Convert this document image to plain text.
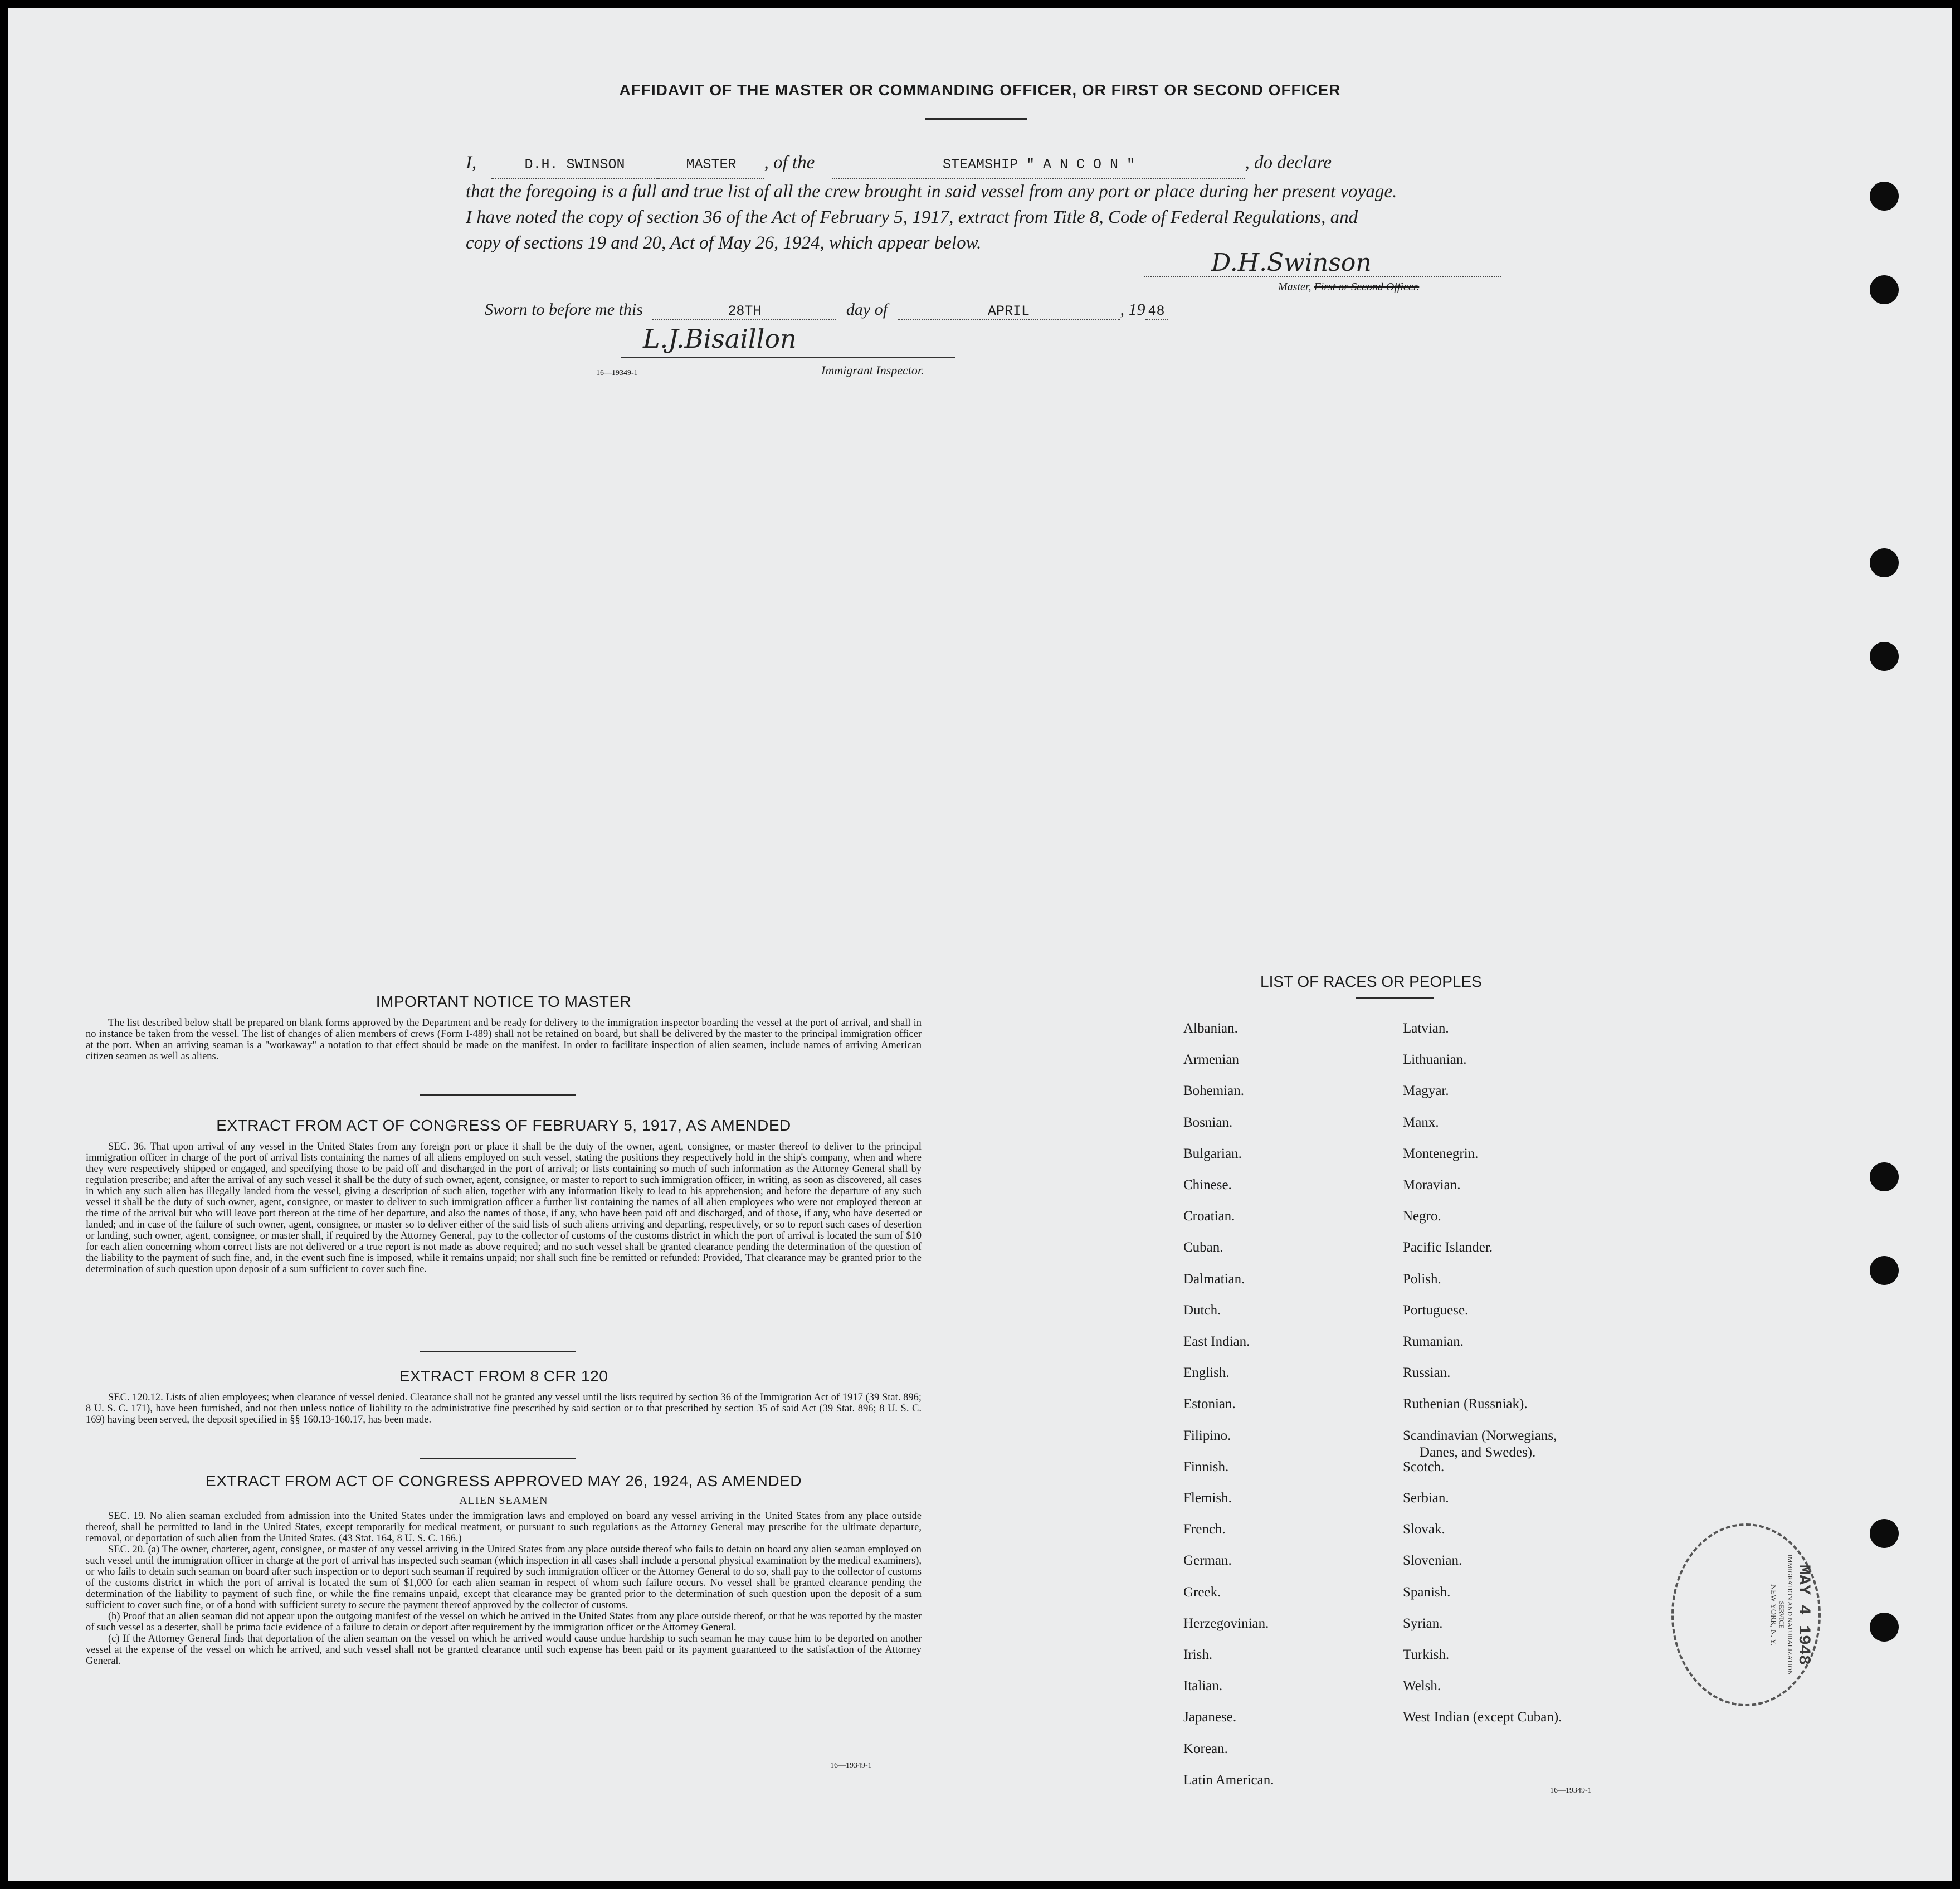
AFFIDAVIT OF THE MASTER OR COMMANDING OFFICER, OR FIRST OR SECOND OFFICER
I,	D.H. SWINSON	MASTER , of the	STEAMSHIP " A N C O N "	, do declare
that the foregoing is a full and true list of all the crew brought in said vessel from any port or place during her present voyage.
I have noted the copy of section 36 of the Act of February 5, 1917, extract from Title 8, Code of Federal Regulations, and
copy of sections 19 and 20, Act of May 26, 1924, which appear below.
D.H.Swinson
Master, First or Second Officer.
Sworn to before me this	28TH	day of	APRIL	, 19 48
L.J.Bisaillon
16—19349-1	Immigrant Inspector.
IMPORTANT NOTICE TO MASTER

The list described below shall be prepared on blank forms approved by the Department and be ready for delivery to the immigration inspector boarding the vessel at the port of arrival, and shall in no instance be taken from the vessel. The list of changes of alien members of crews (Form I-489) shall not be retained on board, but shall be delivered by the master to the principal immigration officer at the port. When an arriving seaman is a "workaway" a notation to that effect should be made on the manifest. In order to facilitate inspection of alien seamen, include names of arriving American citizen seamen as well as aliens.

EXTRACT FROM ACT OF CONGRESS OF FEBRUARY 5, 1917, AS AMENDED

SEC. 36. That upon arrival of any vessel in the United States from any foreign port or place it shall be the duty of the owner, agent, consignee, or master thereof to deliver to the principal immigration officer in charge of the port of arrival lists containing the names of all aliens employed on such vessel, stating the positions they respectively hold in the ship's company, when and where they were respectively shipped or engaged, and specifying those to be paid off and discharged in the port of arrival; or lists containing so much of such information as the Attorney General shall by regulation prescribe; and after the arrival of any such vessel it shall be the duty of such owner, agent, consignee, or master to report to such immigration officer, in writing, as soon as discovered, all cases in which any such alien has illegally landed from the vessel, giving a description of such alien, together with any information likely to lead to his apprehension; and before the departure of any such vessel it shall be the duty of such owner, agent, consignee, or master to deliver to such immigration officer a further list containing the names of all alien employees who were not employed thereon at the time of the arrival but who will leave port thereon at the time of her departure, and also the names of those, if any, who have been paid off and discharged, and of those, if any, who have deserted or landed; and in case of the failure of such owner, agent, consignee, or master so to deliver either of the said lists of such aliens arriving and departing, respectively, or so to report such cases of desertion or landing, such owner, agent, consignee, or master shall, if required by the Attorney General, pay to the collector of customs of the customs district in which the port of arrival is located the sum of $10 for each alien concerning whom correct lists are not delivered or a true report is not made as above required; and no such vessel shall be granted clearance pending the determination of the question of the liability to the payment of such fine, and, in the event such fine is imposed, while it remains unpaid; nor shall such fine be remitted or refunded: Provided, That clearance may be granted prior to the determination of such question upon deposit of a sum sufficient to cover such fine.

EXTRACT FROM 8 CFR 120

SEC. 120.12. Lists of alien employees; when clearance of vessel denied. Clearance shall not be granted any vessel until the lists required by section 36 of the Immigration Act of 1917 (39 Stat. 896; 8 U. S. C. 171), have been furnished, and not then unless notice of liability to the administrative fine prescribed by said section or to that prescribed by section 35 of said Act (39 Stat. 896; 8 U. S. C. 169) having been served, the deposit specified in §§ 160.13-160.17, has been made.

EXTRACT FROM ACT OF CONGRESS APPROVED MAY 26, 1924, AS AMENDED
ALIEN SEAMEN

SEC. 19. No alien seaman excluded from admission into the United States under the immigration laws and employed on board any vessel arriving in the United States from any place outside thereof, shall be permitted to land in the United States, except temporarily for medical treatment, or pursuant to such regulations as the Attorney General may prescribe for the ultimate departure, removal, or deportation of such alien from the United States. (43 Stat. 164, 8 U. S. C. 166.)

SEC. 20. (a) The owner, charterer, agent, consignee, or master of any vessel arriving in the United States from any place outside thereof who fails to detain on board any alien seaman employed on such vessel until the immigration officer in charge at the port of arrival has inspected such seaman (which inspection in all cases shall include a personal physical examination by the medical examiners), or who fails to detain such seaman on board after such inspection or to deport such seaman if required by such immigration officer or the Attorney General to do so, shall pay to the collector of customs of the customs district in which the port of arrival is located the sum of $1,000 for each alien seaman in respect of whom such failure occurs. No vessel shall be granted clearance pending the determination of the liability to payment of such fine, or while the fine remains unpaid, except that clearance may be granted prior to the determination of such question upon the deposit of a sum sufficient to cover such fine, or of a bond with sufficient surety to secure the payment thereof approved by the collector of customs.

(b) Proof that an alien seaman did not appear upon the outgoing manifest of the vessel on which he arrived in the United States from any place outside thereof, or that he was reported by the master of such vessel as a deserter, shall be prima facie evidence of a failure to detain or deport after requirement by the immigration officer or the Attorney General.

(c) If the Attorney General finds that deportation of the alien seaman on the vessel on which he arrived would cause undue hardship to such seaman he may cause him to be deported on another vessel at the expense of the vessel on which he arrived, and such vessel shall not be granted clearance until such expense has been paid or its payment guaranteed to the satisfaction of the Attorney General.

16—19349-1
LIST OF RACES OR PEOPLES
Albanian.
Armenian
Bohemian.
Bosnian.
Bulgarian.
Chinese.
Croatian.
Cuban.
Dalmatian.
Dutch.
East Indian.
English.
Estonian.
Filipino.
Finnish.
Flemish.
French.
German.
Greek.
Herzegovinian.
Irish.
Italian.
Japanese.
Korean.
Latin American.
Latvian.
Lithuanian.
Magyar.
Manx.
Montenegrin.
Moravian.
Negro.
Pacific Islander.
Polish.
Portuguese.
Rumanian.
Russian.
Ruthenian (Russniak).
Scandinavian (Norwegians,
Danes, and Swedes).
Scotch.
Serbian.
Slovak.
Slovenian.
Spanish.
Syrian.
Turkish.
Welsh.
West Indian (except Cuban).
16—19349-1
MAY 4 1948
IMMIGRATION AND NATURALIZATION SERVICE
NEW YORK, N. Y.
